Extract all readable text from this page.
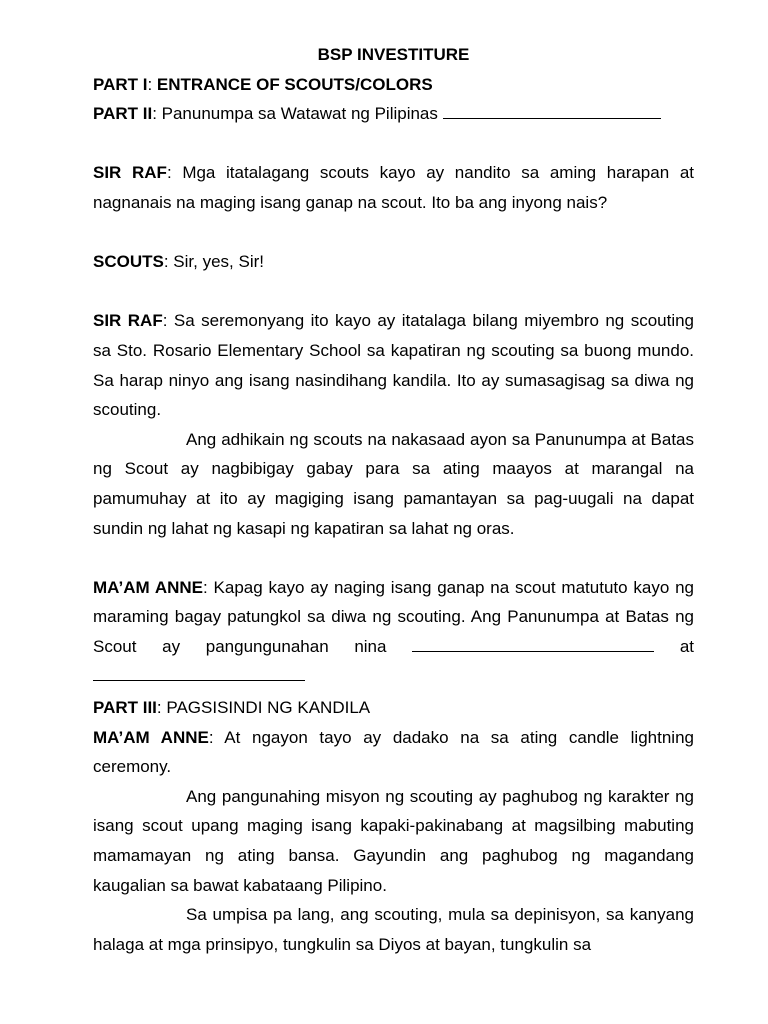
BSP INVESTITURE

PART I: ENTRANCE OF SCOUTS/COLORS

PART II: Panunumpa sa Watawat ng Pilipinas

SIR RAF: Mga itatalagang scouts kayo ay nandito sa aming harapan at nagnanais na maging isang ganap na scout. Ito ba ang inyong nais?

SCOUTS: Sir, yes, Sir!

SIR RAF: Sa seremonyang ito kayo ay itatalaga bilang miyembro ng scouting sa Sto. Rosario Elementary School sa kapatiran ng scouting sa buong mundo. Sa harap ninyo ang isang nasindihang kandila. Ito ay sumasagisag sa diwa ng scouting.

Ang adhikain ng scouts na nakasaad ayon sa Panunumpa at Batas ng Scout ay nagbibigay gabay para sa ating maayos at marangal na pamumuhay at ito ay magiging isang pamantayan sa pag-uugali na dapat sundin ng lahat ng kasapi ng kapatiran sa lahat ng oras.

MA’AM ANNE: Kapag kayo ay naging isang ganap na scout matututo kayo ng maraming bagay patungkol sa diwa ng scouting. Ang Panunumpa at Batas ng Scout ay pangungunahan nina	at

PART III: PAGSISINDI NG KANDILA

MA’AM ANNE: At ngayon tayo ay dadako na sa ating candle lightning ceremony.

Ang pangunahing misyon ng scouting ay paghubog ng karakter ng isang scout upang maging isang kapaki-pakinabang at magsilbing mabuting mamamayan ng ating bansa. Gayundin ang paghubog ng magandang kaugalian sa bawat kabataang Pilipino.

Sa umpisa pa lang, ang scouting, mula sa depinisyon, sa kanyang halaga at mga prinsipyo, tungkulin sa Diyos at bayan, tungkulin sa
